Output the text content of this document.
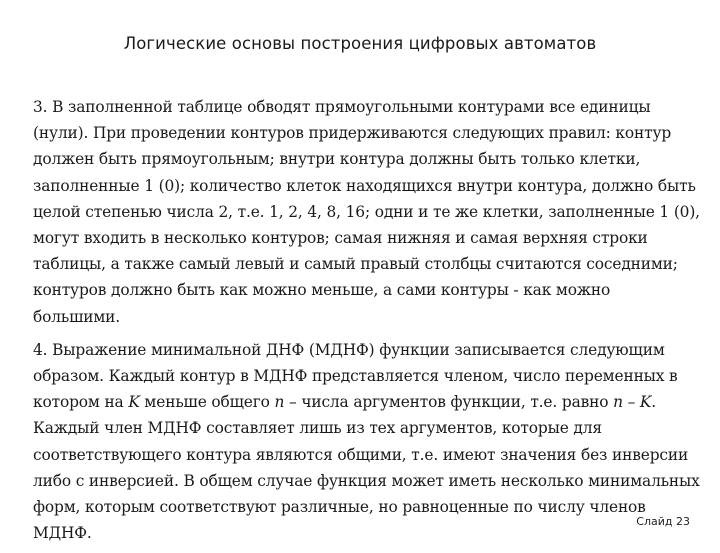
Логические основы построения цифровых автоматов

3. В заполненной таблице обводят прямоугольными контурами все единицы (нули). При проведении контуров придерживаются следующих правил: контур должен быть прямоугольным; внутри контура должны быть только клетки, заполненные 1 (0); количество клеток находящихся внутри контура, должно быть целой степенью числа 2, т.е. 1, 2, 4, 8, 16; одни и те же клетки, заполненные 1 (0), могут входить в несколько контуров; самая нижняя и самая верхняя строки таблицы, а также самый левый и самый правый столбцы считаются соседними; контуров должно быть как можно меньше, а сами контуры - как можно большими.

4. Выражение минимальной ДНФ (МДНФ) функции записывается следующим образом. Каждый контур в МДНФ представляется членом, число переменных в котором на K меньше общего n – числа аргументов функции, т.е. равно n – K. Каждый член МДНФ составляет лишь из тех аргументов, которые для соответствующего контура являются общими, т.е. имеют значения без инверсии либо с инверсией. В общем случае функция может иметь несколько минимальных форм, которым соответствуют различные, но равноценные по числу членов МДНФ.

Слайд 23
